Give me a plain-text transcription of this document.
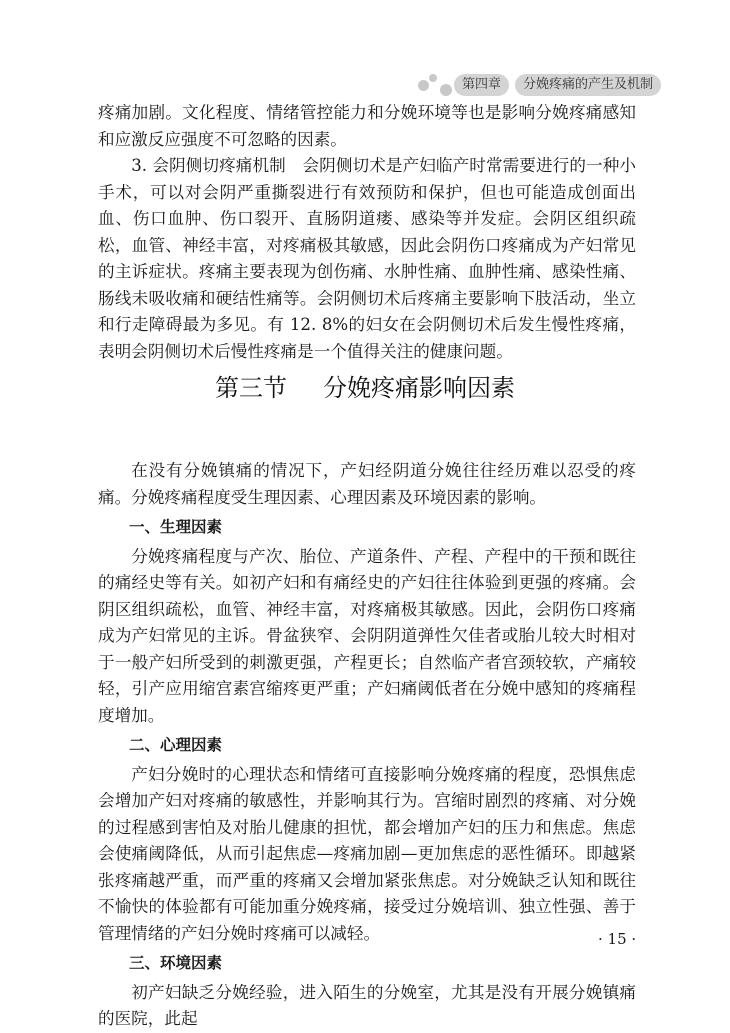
第四章	分娩疼痛的产生及机制

疼痛加剧。文化程度、情绪管控能力和分娩环境等也是影响分娩疼痛感知和应激反应强度不可忽略的因素。

3. 会阴侧切疼痛机制　会阴侧切术是产妇临产时常需要进行的一种小手术，可以对会阴严重撕裂进行有效预防和保护，但也可能造成创面出血、伤口血肿、伤口裂开、直肠阴道瘘、感染等并发症。会阴区组织疏松，血管、神经丰富，对疼痛极其敏感，因此会阴伤口疼痛成为产妇常见的主诉症状。疼痛主要表现为创伤痛、水肿性痛、血肿性痛、感染性痛、肠线未吸收痛和硬结性痛等。会阴侧切术后疼痛主要影响下肢活动，坐立和行走障碍最为多见。有 12. 8%的妇女在会阴侧切术后发生慢性疼痛，表明会阴侧切术后慢性疼痛是一个值得关注的健康问题。

第三节 分娩疼痛影响因素

在没有分娩镇痛的情况下，产妇经阴道分娩往往经历难以忍受的疼痛。分娩疼痛程度受生理因素、心理因素及环境因素的影响。

一、生理因素

分娩疼痛程度与产次、胎位、产道条件、产程、产程中的干预和既往的痛经史等有关。如初产妇和有痛经史的产妇往往体验到更强的疼痛。会阴区组织疏松，血管、神经丰富，对疼痛极其敏感。因此，会阴伤口疼痛成为产妇常见的主诉。骨盆狭窄、会阴阴道弹性欠佳者或胎儿较大时相对于一般产妇所受到的刺激更强，产程更长；自然临产者宫颈较软，产痛较轻，引产应用缩宫素宫缩疼更严重；产妇痛阈低者在分娩中感知的疼痛程度增加。

二、心理因素

产妇分娩时的心理状态和情绪可直接影响分娩疼痛的程度，恐惧焦虑会增加产妇对疼痛的敏感性，并影响其行为。宫缩时剧烈的疼痛、对分娩的过程感到害怕及对胎儿健康的担忧，都会增加产妇的压力和焦虑。焦虑会使痛阈降低，从而引起焦虑—疼痛加剧—更加焦虑的恶性循环。即越紧张疼痛越严重，而严重的疼痛又会增加紧张焦虑。对分娩缺乏认知和既往不愉快的体验都有可能加重分娩疼痛，接受过分娩培训、独立性强、善于管理情绪的产妇分娩时疼痛可以减轻。

三、环境因素

初产妇缺乏分娩经验，进入陌生的分娩室，尤其是没有开展分娩镇痛的医院，此起

· 15 ·
